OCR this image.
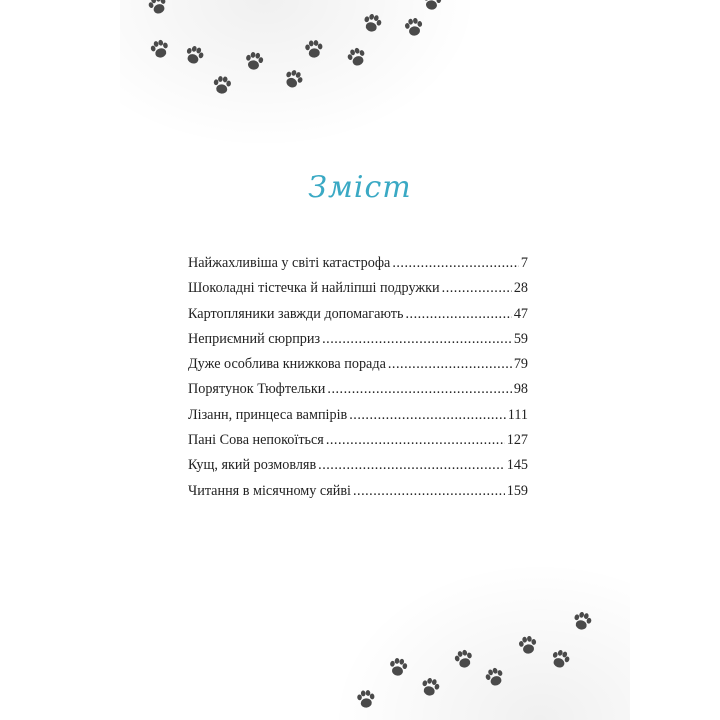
Зміст
Найжахливіша у світі катастрофа .....	7
Шоколадні тістечка й найліпші подружки .....	28
Картопляники завжди допомагають .....	47
Неприємний сюрприз .....	59
Дуже особлива книжкова порада .....	79
Порятунок Тюфтельки .....	98
Лізанн, принцеса вампірів .....	111
Пані Сова непокоїться .....	127
Кущ, який розмовляв .....	145
Читання в місячному сяйві .....	159
